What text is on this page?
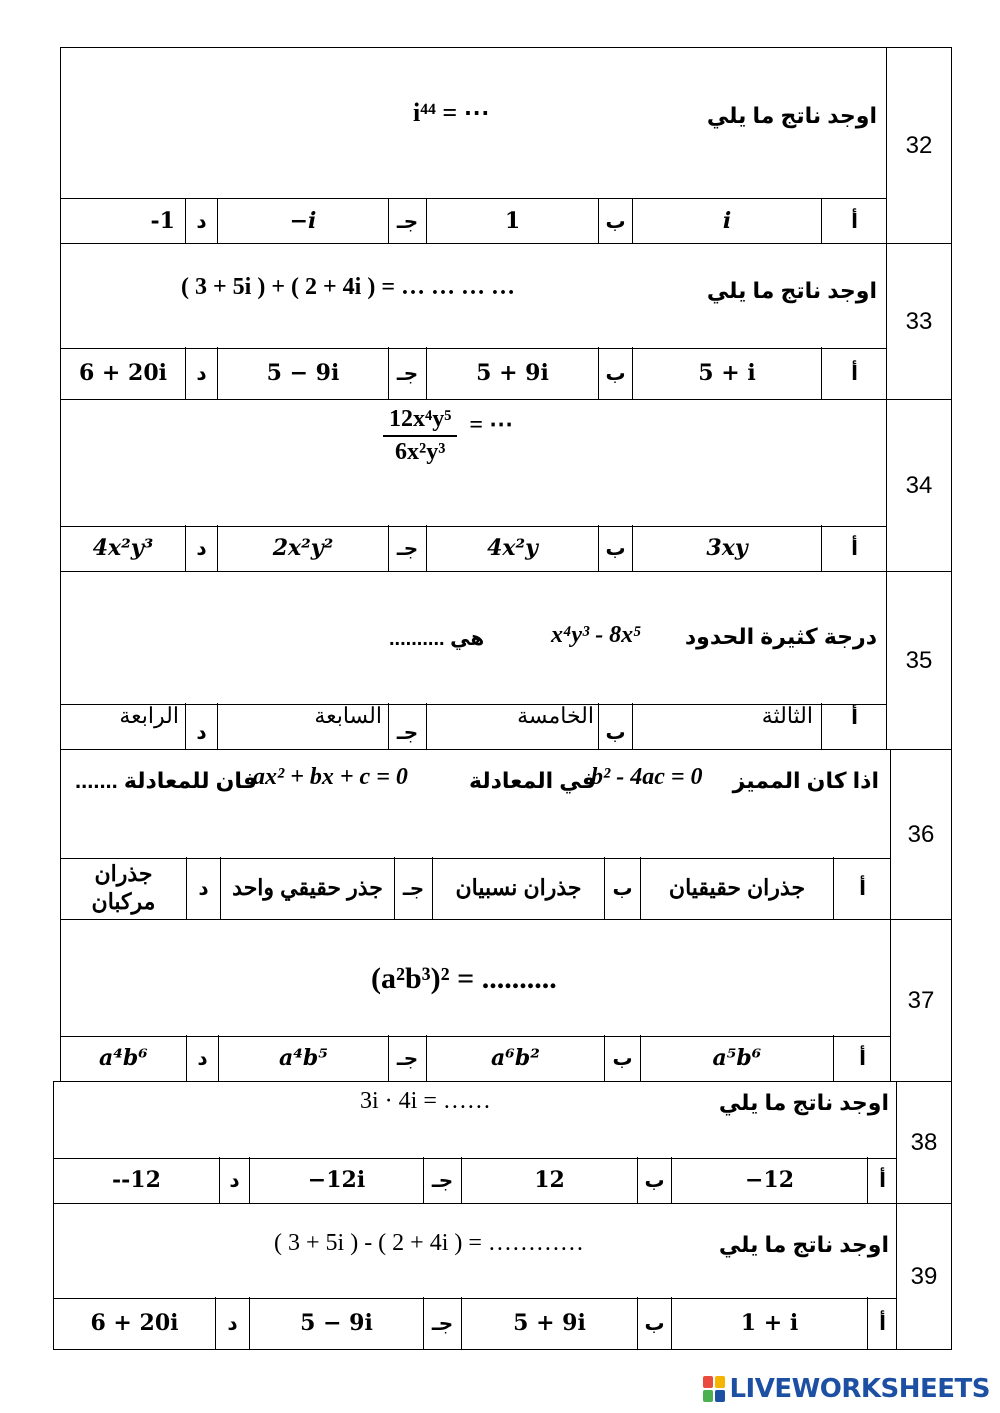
32
اوجد ناتج ما يلي
i⁴⁴ = ⋯
أ
i
ب
1
جـ
−i
د
-1
33
اوجد ناتج ما يلي
( 3 + 5i ) + ( 2 + 4i ) = … … … …
أ
5 + i
ب
5 + 9i
جـ
5 − 9i
د
6 + 20i
34
$\frac{\text{12x⁴y⁵}}{\text{6x²y³}}$ = ⋯
أ
3xy
ب
4x²y
جـ
2x²y²
د
4x²y³
35
درجة كثيرة الحدود
x⁴y³ - 8x⁵
هي ..........
أ
الثالثة
ب
الخامسة
جـ
السابعة
د
الرابعة
36
اذا كان المميز
b² - 4ac = 0
في المعادلة
ax² + bx + c = 0
فان للمعادلة .......
أ
جذران حقيقيان
ب
جذران نسبيان
جـ
جذر حقيقي واحد
د
جذران مركبان
37
(a²b³)² = ..........
أ
a⁵b⁶
ب
a⁶b²
جـ
a⁴b⁵
د
a⁴b⁶
38
اوجد ناتج ما يلي
3i · 4i = ……
أ
−12
ب
12
جـ
−12i
د
--12
39
اوجد ناتج ما يلي
( 3 + 5i ) - ( 2 + 4i ) = …………
أ
1 + i
ب
5 + 9i
جـ
5 − 9i
د
6 + 20i
LIVEWORKSHEETS
